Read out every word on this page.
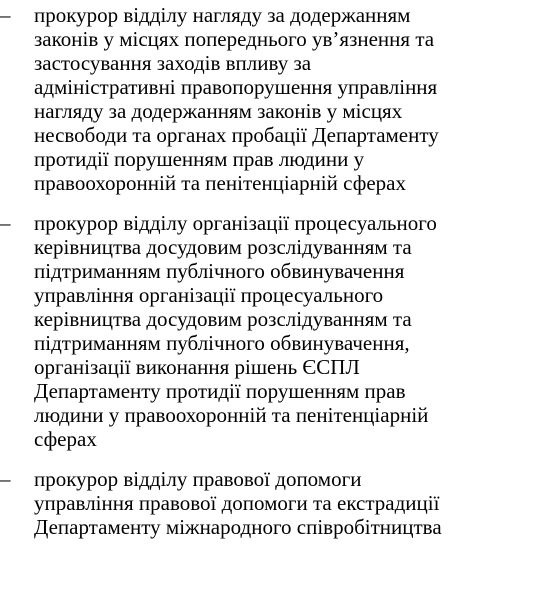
–	прокурор відділу нагляду за додержанням
законів у місцях попереднього ув’язнення та
застосування заходів впливу за
адміністративні правопорушення управління
нагляду за додержанням законів у місцях
несвободи та органах пробації Департаменту
протидії порушенням прав людини у
правоохоронній та пенітенціарній сферах
–	прокурор відділу організації процесуального
керівництва досудовим розслідуванням та
підтриманням публічного обвинувачення
управління організації процесуального
керівництва досудовим розслідуванням та
підтриманням публічного обвинувачення,
організації виконання рішень ЄСПЛ
Департаменту протидії порушенням прав
людини у правоохоронній та пенітенціарній
сферах
–	прокурор відділу правової допомоги
управління правової допомоги та екстрадиції
Департаменту міжнародного співробітництва
